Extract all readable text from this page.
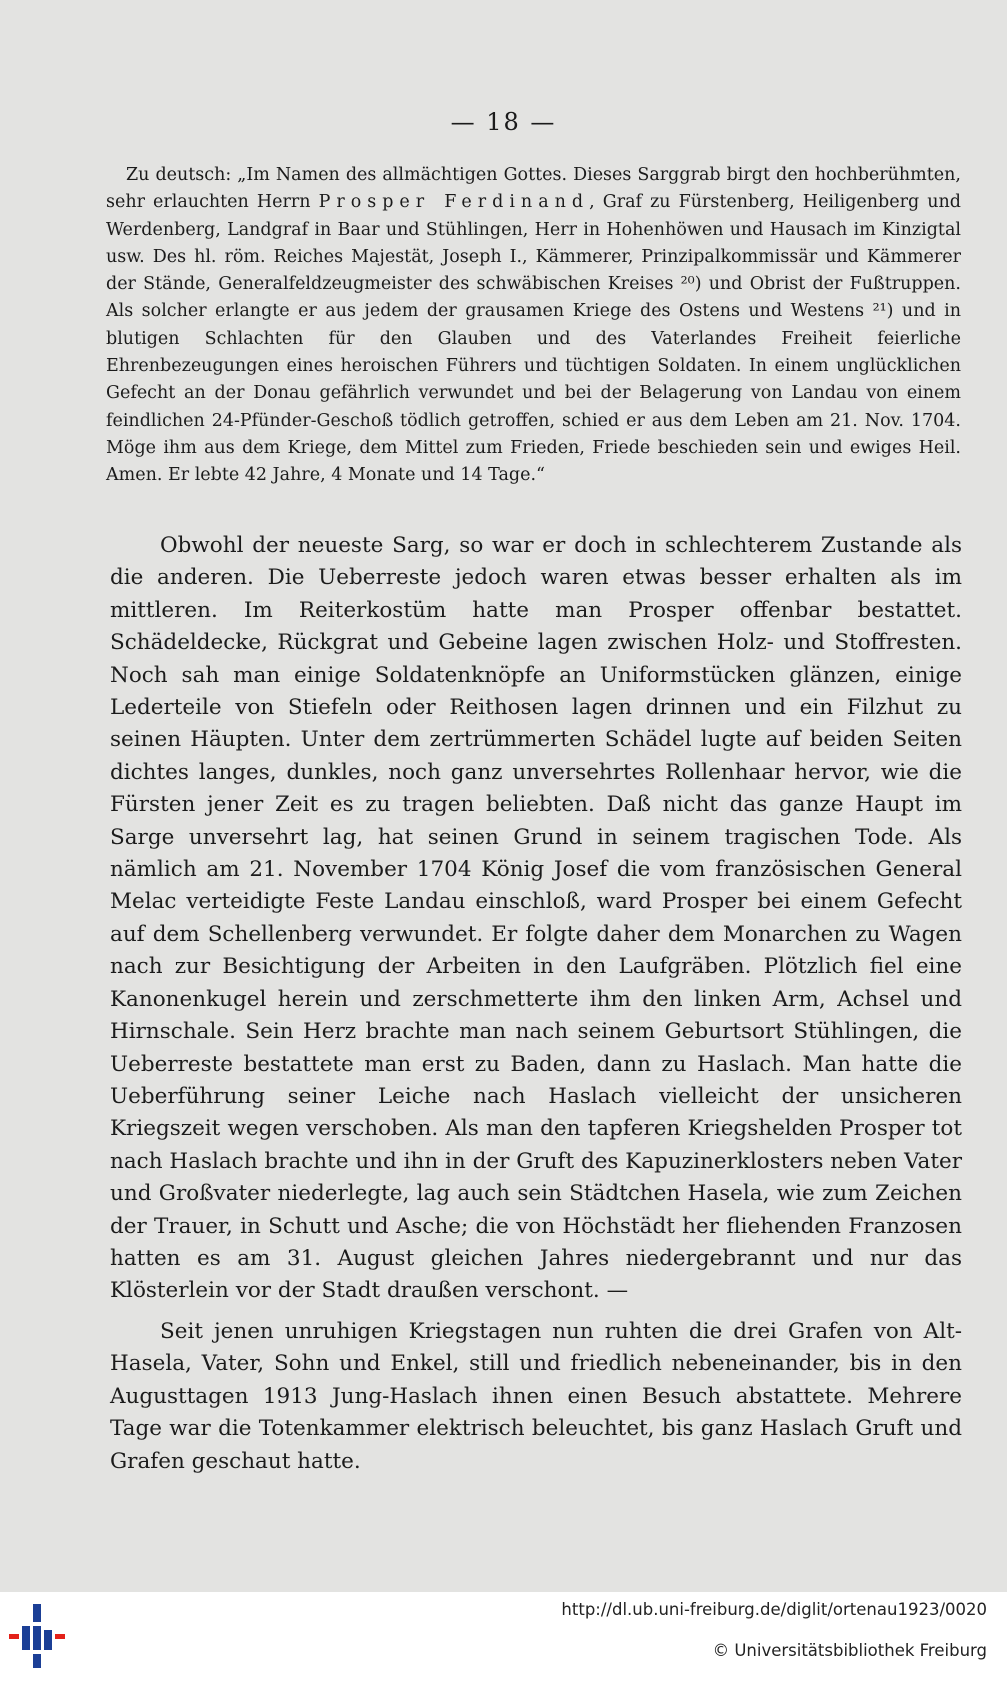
— 18 —

Zu deutsch: „Im Namen des allmächtigen Gottes. Dieses Sarggrab birgt den hochberühmten, sehr erlauchten Herrn Prosper Ferdinand, Graf zu Fürstenberg, Heiligenberg und Werdenberg, Landgraf in Baar und Stühlingen, Herr in Hohenhöwen und Hausach im Kinzigtal usw. Des hl. röm. Reiches Majestät, Joseph I., Kämmerer, Prinzipalkommissär und Kämmerer der Stände, Generalfeldzeugmeister des schwäbischen Kreises ²⁰) und Obrist der Fußtruppen. Als solcher erlangte er aus jedem der grausamen Kriege des Ostens und Westens ²¹) und in blutigen Schlachten für den Glauben und des Vaterlandes Freiheit feierliche Ehrenbezeugungen eines heroischen Führers und tüchtigen Soldaten. In einem unglücklichen Gefecht an der Donau gefährlich verwundet und bei der Belagerung von Landau von einem feindlichen 24-Pfünder-Geschoß tödlich getroffen, schied er aus dem Leben am 21. Nov. 1704. Möge ihm aus dem Kriege, dem Mittel zum Frieden, Friede beschieden sein und ewiges Heil. Amen. Er lebte 42 Jahre, 4 Monate und 14 Tage.“

Obwohl der neueste Sarg, so war er doch in schlechterem Zustande als die anderen. Die Ueberreste jedoch waren etwas besser erhalten als im mittleren. Im Reiterkostüm hatte man Prosper offenbar bestattet. Schädeldecke, Rückgrat und Gebeine lagen zwischen Holz- und Stoffresten. Noch sah man einige Soldatenknöpfe an Uniformstücken glänzen, einige Lederteile von Stiefeln oder Reithosen lagen drinnen und ein Filzhut zu seinen Häupten. Unter dem zertrümmerten Schädel lugte auf beiden Seiten dichtes langes, dunkles, noch ganz unversehrtes Rollenhaar hervor, wie die Fürsten jener Zeit es zu tragen beliebten. Daß nicht das ganze Haupt im Sarge unversehrt lag, hat seinen Grund in seinem tragischen Tode. Als nämlich am 21. November 1704 König Josef die vom französischen General Melac verteidigte Feste Landau einschloß, ward Prosper bei einem Gefecht auf dem Schellenberg verwundet. Er folgte daher dem Monarchen zu Wagen nach zur Besichtigung der Arbeiten in den Laufgräben. Plötzlich fiel eine Kanonenkugel herein und zerschmetterte ihm den linken Arm, Achsel und Hirnschale. Sein Herz brachte man nach seinem Geburtsort Stühlingen, die Ueberreste bestattete man erst zu Baden, dann zu Haslach. Man hatte die Ueberführung seiner Leiche nach Haslach vielleicht der unsicheren Kriegszeit wegen verschoben. Als man den tapferen Kriegshelden Prosper tot nach Haslach brachte und ihn in der Gruft des Kapuzinerklosters neben Vater und Großvater niederlegte, lag auch sein Städtchen Hasela, wie zum Zeichen der Trauer, in Schutt und Asche; die von Höchstädt her fliehenden Franzosen hatten es am 31. August gleichen Jahres niedergebrannt und nur das Klösterlein vor der Stadt draußen verschont. —

Seit jenen unruhigen Kriegstagen nun ruhten die drei Grafen von Alt-Hasela, Vater, Sohn und Enkel, still und friedlich nebeneinander, bis in den Augusttagen 1913 Jung-Haslach ihnen einen Besuch abstattete. Mehrere Tage war die Totenkammer elektrisch beleuchtet, bis ganz Haslach Gruft und Grafen geschaut hatte.

http://dl.ub.uni-freiburg.de/diglit/ortenau1923/0020
© Universitätsbibliothek Freiburg
